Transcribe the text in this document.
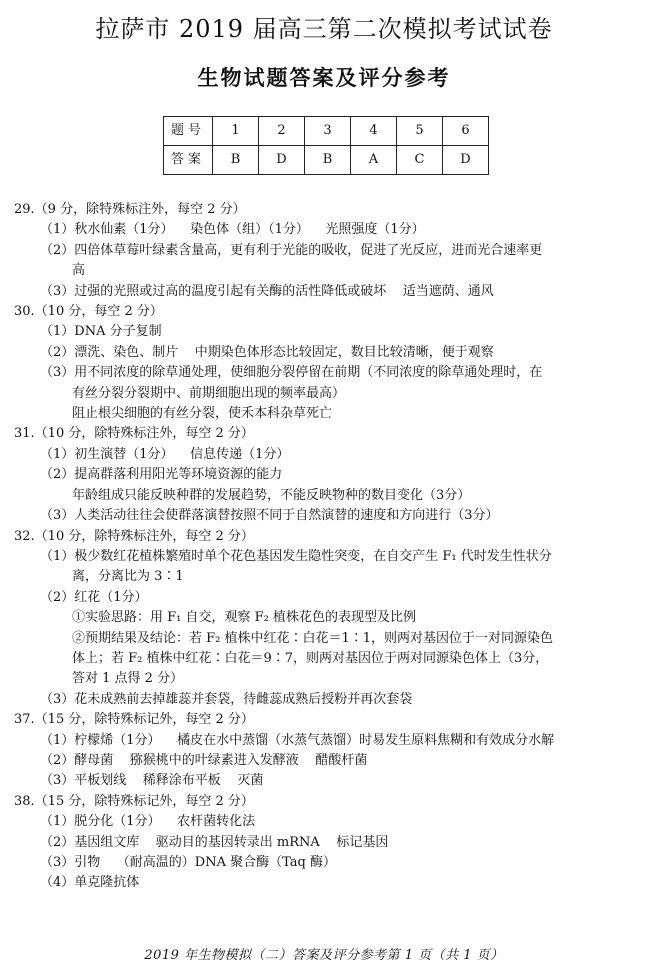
拉萨市 2019 届高三第二次模拟考试试卷
生物试题答案及评分参考
题号	1	2	3	4	5	6
答案	B	D	B	A	C	D

29.（9 分，除特殊标注外，每空 2 分）

（1）秋水仙素（1分）    染色体（组）（1分）    光照强度（1分）

（2）四倍体草莓叶绿素含量高，更有利于光能的吸收，促进了光反应，进而光合速率更

高

（3）过强的光照或过高的温度引起有关酶的活性降低或破坏    适当遮荫、通风

30.（10 分，每空 2 分）

（1）DNA 分子复制

（2）漂洗、染色、制片    中期染色体形态比较固定，数目比较清晰，便于观察

（3）用不同浓度的除草通处理，使细胞分裂停留在前期（不同浓度的除草通处理时，在

有丝分裂分裂期中、前期细胞出现的频率最高）

阻止根尖细胞的有丝分裂，使禾本科杂草死亡

31.（10 分，除特殊标注外，每空 2 分）

（1）初生演替（1分）    信息传递（1分）

（2）提高群落利用阳光等环境资源的能力

年龄组成只能反映种群的发展趋势，不能反映物种的数目变化（3分）

（3）人类活动往往会使群落演替按照不同于自然演替的速度和方向进行（3分）

32.（10 分，除特殊标注外，每空 2 分）

（1）极少数红花植株繁殖时单个花色基因发生隐性突变，在自交产生 F₁ 代时发生性状分

离，分离比为 3∶1

（2）红花（1分）

①实验思路：用 F₁ 自交，观察 F₂ 植株花色的表现型及比例

②预期结果及结论：若 F₂ 植株中红花∶白花＝1∶1，则两对基因位于一对同源染色

体上；若 F₂ 植株中红花∶白花＝9∶7，则两对基因位于两对同源染色体上（3分，

答对 1 点得 2 分）

（3）花未成熟前去掉雄蕊并套袋，待雌蕊成熟后授粉并再次套袋

37.（15 分，除特殊标记外，每空 2 分）

（1）柠檬烯（1分）    橘皮在水中蒸馏（水蒸气蒸馏）时易发生原料焦糊和有效成分水解

（2）酵母菌    猕猴桃中的叶绿素进入发酵液    醋酸杆菌

（3）平板划线    稀释涂布平板    灭菌

38.（15 分，除特殊标记外，每空 2 分）

（1）脱分化（1分）    农杆菌转化法

（2）基因组文库    驱动目的基因转录出 mRNA    标记基因

（3）引物    （耐高温的）DNA 聚合酶（Taq 酶）

（4）单克隆抗体

2019 年生物模拟（二）答案及评分参考第 1 页（共 1 页）
